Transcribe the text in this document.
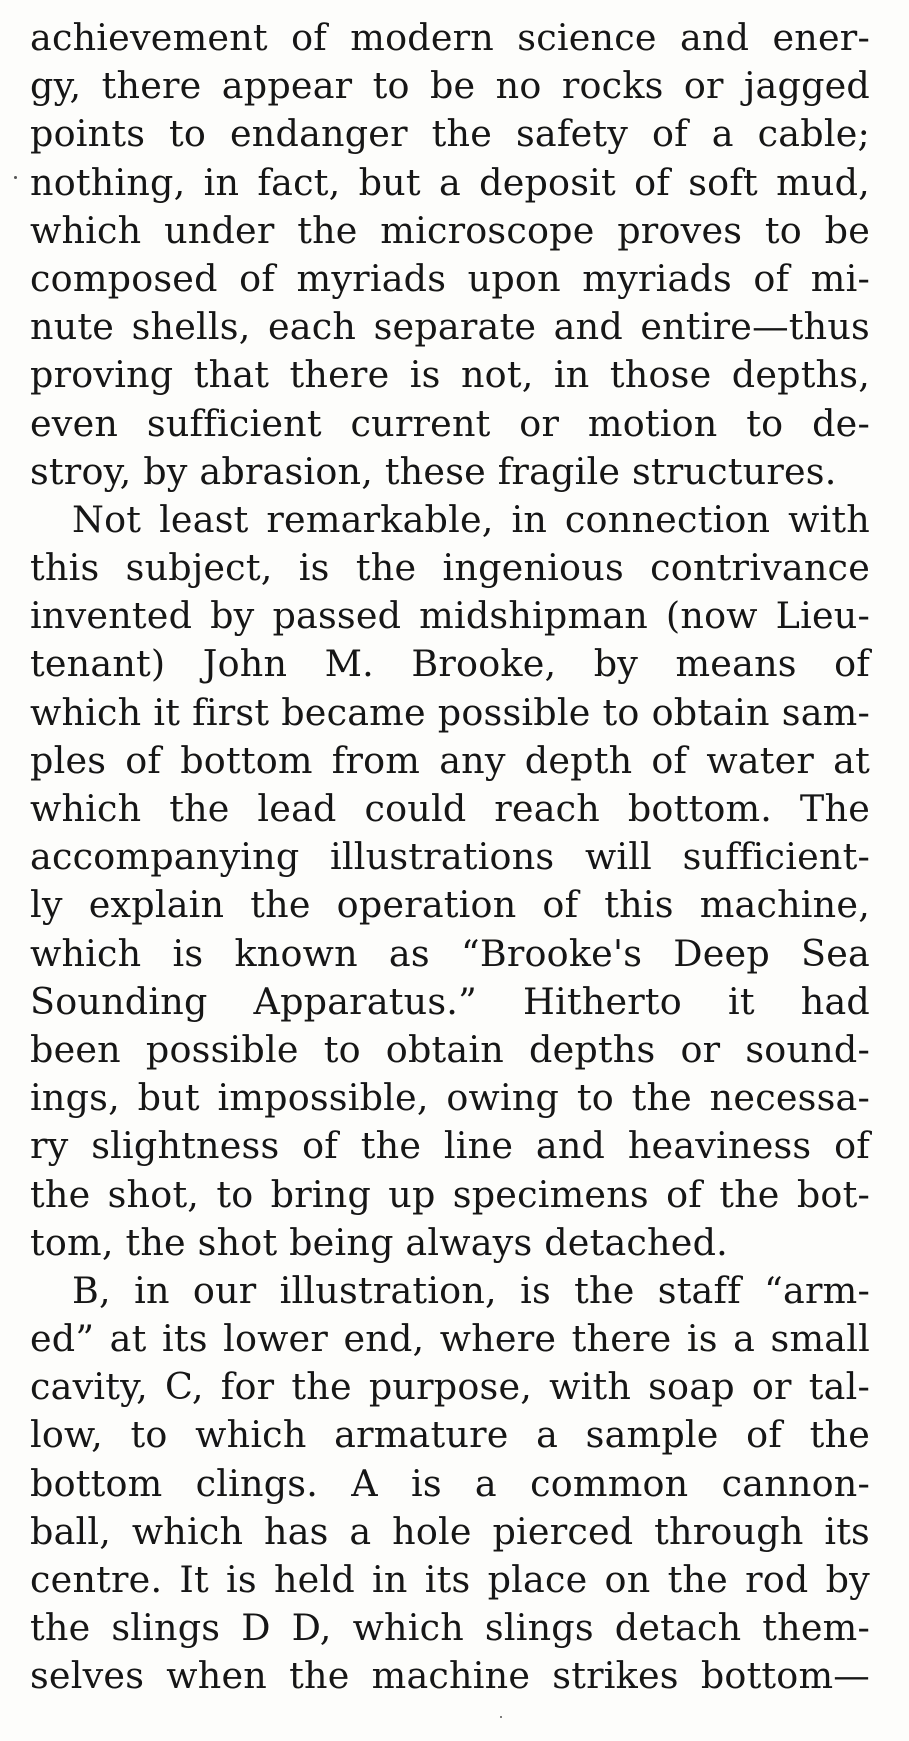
achievement of modern science and ener-
gy, there appear to be no rocks or jagged
points to endanger the safety of a cable;
nothing, in fact, but a deposit of soft mud,
which under the microscope proves to be
composed of myriads upon myriads of mi-
nute shells, each separate and entire—thus
proving that there is not, in those depths,
even sufficient current or motion to de-
stroy, by abrasion, these fragile structures.
Not least remarkable, in connection with
this subject, is the ingenious contrivance
invented by passed midshipman (now Lieu-
tenant) John M. Brooke, by means of
which it first became possible to obtain sam-
ples of bottom from any depth of water at
which the lead could reach bottom. The
accompanying illustrations will sufficient-
ly explain the operation of this machine,
which is known as “Brooke's Deep Sea
Sounding Apparatus.” Hitherto it had
been possible to obtain depths or sound-
ings, but impossible, owing to the necessa-
ry slightness of the line and heaviness of
the shot, to bring up specimens of the bot-
tom, the shot being always detached.
B, in our illustration, is the staff “arm-
ed” at its lower end, where there is a small
cavity, C, for the purpose, with soap or tal-
low, to which armature a sample of the
bottom clings. A is a common cannon-
ball, which has a hole pierced through its
centre. It is held in its place on the rod by
the slings D D, which slings detach them-
selves when the machine strikes bottom—
